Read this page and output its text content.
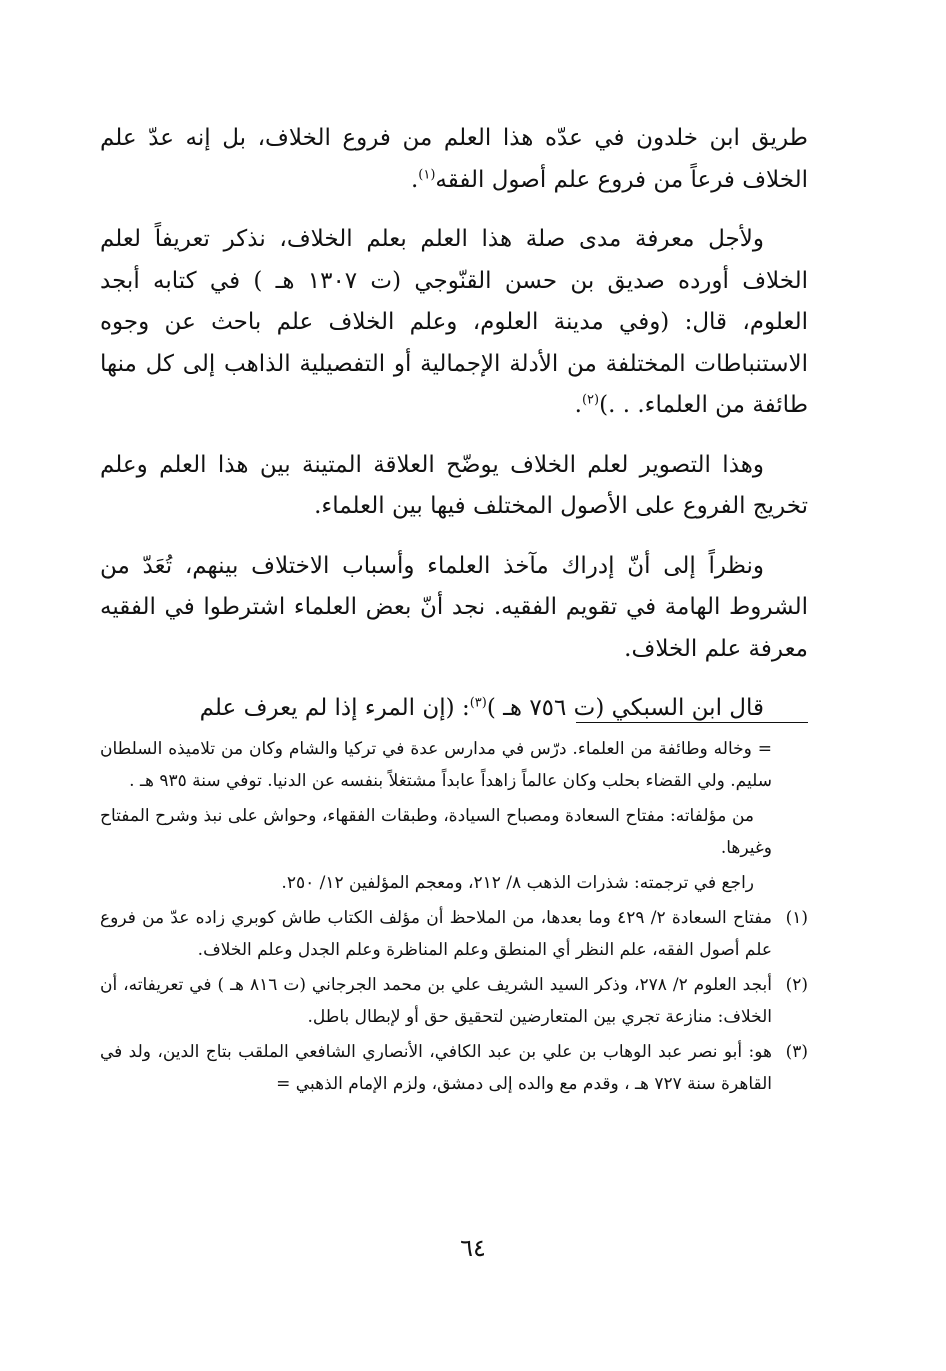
طريق ابن خلدون في عدّه هذا العلم من فروع الخلاف، بل إنه عدّ علم الخلاف فرعاً من فروع علم أصول الفقه$^{(١)}$.

ولأجل معرفة مدى صلة هذا العلم بعلم الخلاف، نذكر تعريفاً لعلم الخلاف أورده صديق بن حسن القنّوجي (ت ١٣٠٧ هـ ) في كتابه أبجد العلوم، قال: (وفي مدينة العلوم، وعلم الخلاف علم باحث عن وجوه الاستنباطات المختلفة من الأدلة الإجمالية أو التفصيلية الذاهب إلى كل منها طائفة من العلماء. . .)$^{(٢)}$.

وهذا التصوير لعلم الخلاف يوضّح العلاقة المتينة بين هذا العلم وعلم تخريج الفروع على الأصول المختلف فيها بين العلماء.

ونظراً إلى أنّ إدراك مآخذ العلماء وأسباب الاختلاف بينهم، تُعَدّ من الشروط الهامة في تقويم الفقيه. نجد أنّ بعض العلماء اشترطوا في الفقيه معرفة علم الخلاف.

قال ابن السبكي (ت ٧٥٦ هـ )$^{(٣)}$: (إن المرء إذا لم يعرف علم

= وخاله وطائفة من العلماء. درّس في مدارس عدة في تركيا والشام وكان من تلاميذه السلطان سليم. ولي القضاء بحلب وكان عالماً زاهداً عابداً مشتغلاً بنفسه عن الدنيا. توفي سنة ٩٣٥ هـ .
من مؤلفاته: مفتاح السعادة ومصباح السيادة، وطبقات الفقهاء، وحواش على نبذ وشرح المفتاح وغيرها.
راجع في ترجمته: شذرات الذهب ٨/ ٢١٢، ومعجم المؤلفين ١٢/ ٢٥٠.
(١)
مفتاح السعادة ٢/ ٤٢٩ وما بعدها، من الملاحظ أن مؤلف الكتاب طاش كوبري زاده عدّ من فروع علم أصول الفقه، علم النظر أي المنطق وعلم المناظرة وعلم الجدل وعلم الخلاف.
(٢)
أبجد العلوم ٢/ ٢٧٨، وذكر السيد الشريف علي بن محمد الجرجاني (ت ٨١٦ هـ ) في تعريفاته، أن الخلاف: منازعة تجري بين المتعارضين لتحقيق حق أو لإبطال باطل.
(٣)
هو: أبو نصر عبد الوهاب بن علي بن عبد الكافي، الأنصاري الشافعي الملقب بتاج الدين، ولد في القاهرة سنة ٧٢٧ هـ ، وقدم مع والده إلى دمشق، ولزم الإمام الذهبي =
٦٤
